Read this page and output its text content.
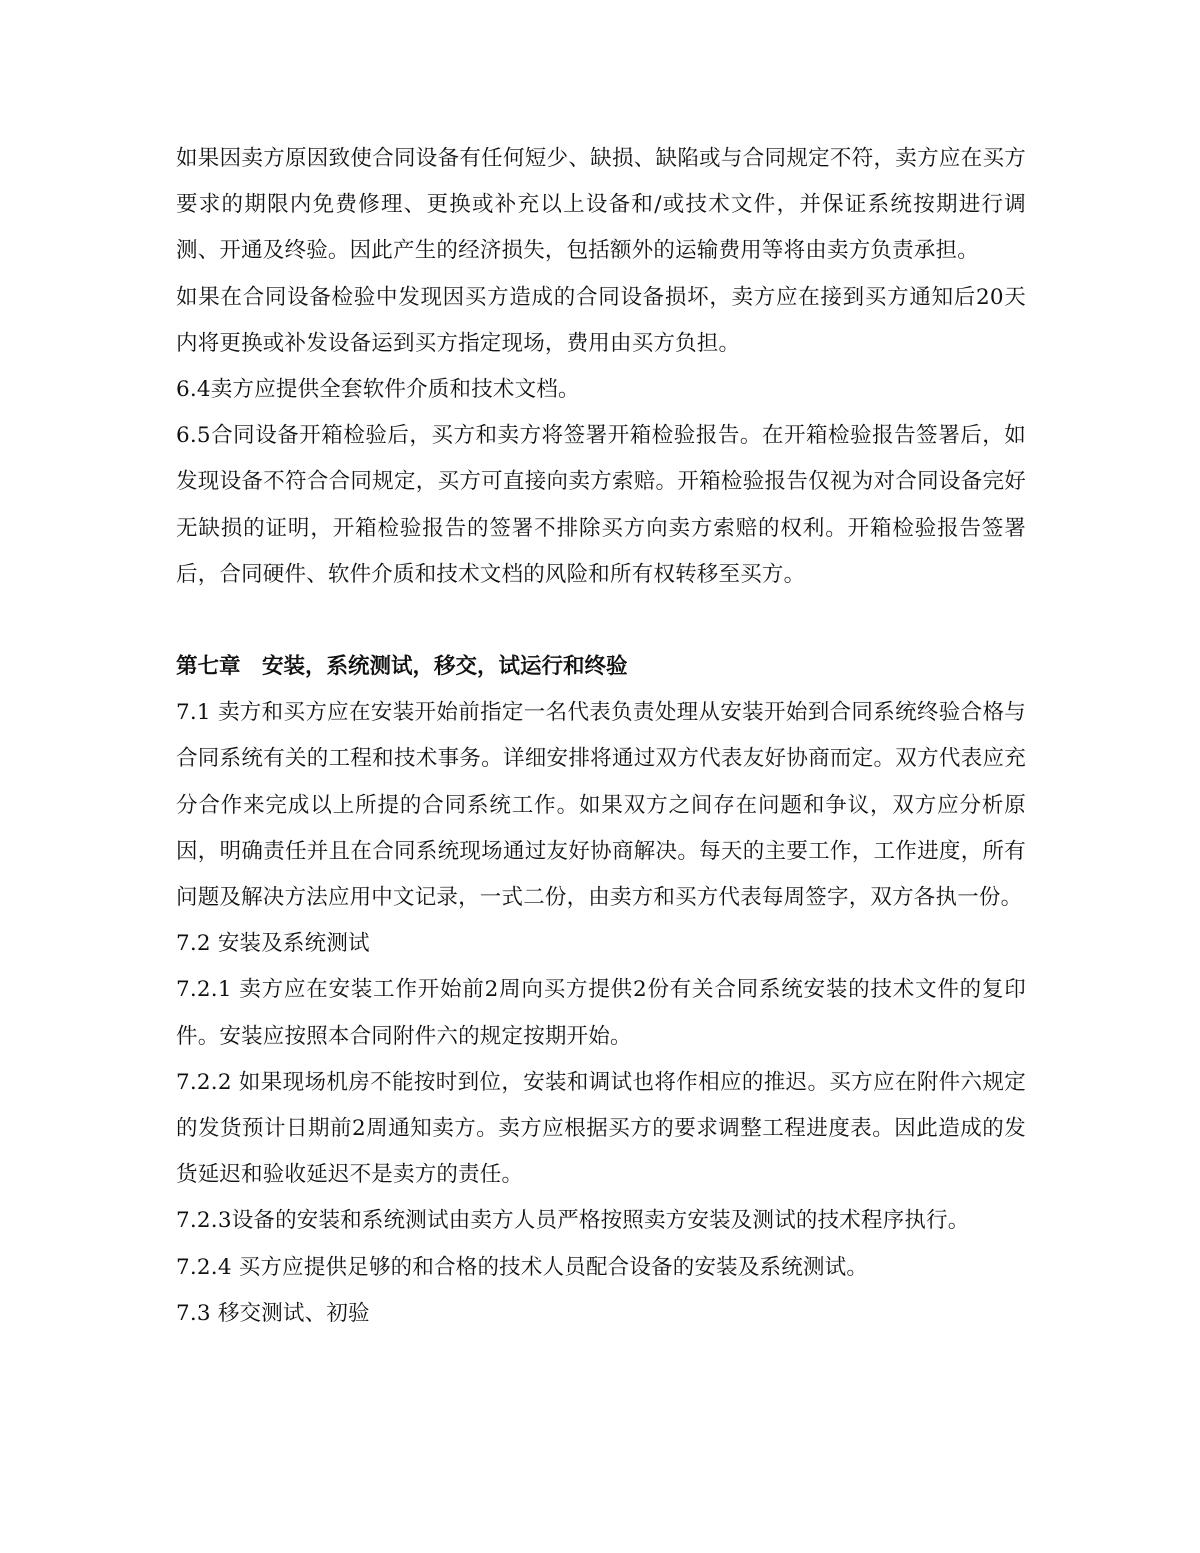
如果因卖方原因致使合同设备有任何短少、缺损、缺陷或与合同规定不符，卖方应在买方要求的期限内免费修理、更换或补充以上设备和/或技术文件，并保证系统按期进行调测、开通及终验。因此产生的经济损失，包括额外的运输费用等将由卖方负责承担。

如果在合同设备检验中发现因买方造成的合同设备损坏，卖方应在接到买方通知后20天内将更换或补发设备运到买方指定现场，费用由买方负担。

6.4卖方应提供全套软件介质和技术文档。

6.5合同设备开箱检验后，买方和卖方将签署开箱检验报告。在开箱检验报告签署后，如发现设备不符合合同规定，买方可直接向卖方索赔。开箱检验报告仅视为对合同设备完好无缺损的证明，开箱检验报告的签署不排除买方向卖方索赔的权利。开箱检验报告签署后，合同硬件、软件介质和技术文档的风险和所有权转移至买方。

第七章　安装，系统测试，移交，试运行和终验

7.1 卖方和买方应在安装开始前指定一名代表负责处理从安装开始到合同系统终验合格与合同系统有关的工程和技术事务。详细安排将通过双方代表友好协商而定。双方代表应充分合作来完成以上所提的合同系统工作。如果双方之间存在问题和争议，双方应分析原因，明确责任并且在合同系统现场通过友好协商解决。每天的主要工作，工作进度，所有问题及解决方法应用中文记录，一式二份，由卖方和买方代表每周签字，双方各执一份。

7.2 安装及系统测试

7.2.1 卖方应在安装工作开始前2周向买方提供2份有关合同系统安装的技术文件的复印件。安装应按照本合同附件六的规定按期开始。

7.2.2 如果现场机房不能按时到位，安装和调试也将作相应的推迟。买方应在附件六规定的发货预计日期前2周通知卖方。卖方应根据买方的要求调整工程进度表。因此造成的发货延迟和验收延迟不是卖方的责任。

7.2.3设备的安装和系统测试由卖方人员严格按照卖方安装及测试的技术程序执行。

7.2.4 买方应提供足够的和合格的技术人员配合设备的安装及系统测试。

7.3 移交测试、初验
